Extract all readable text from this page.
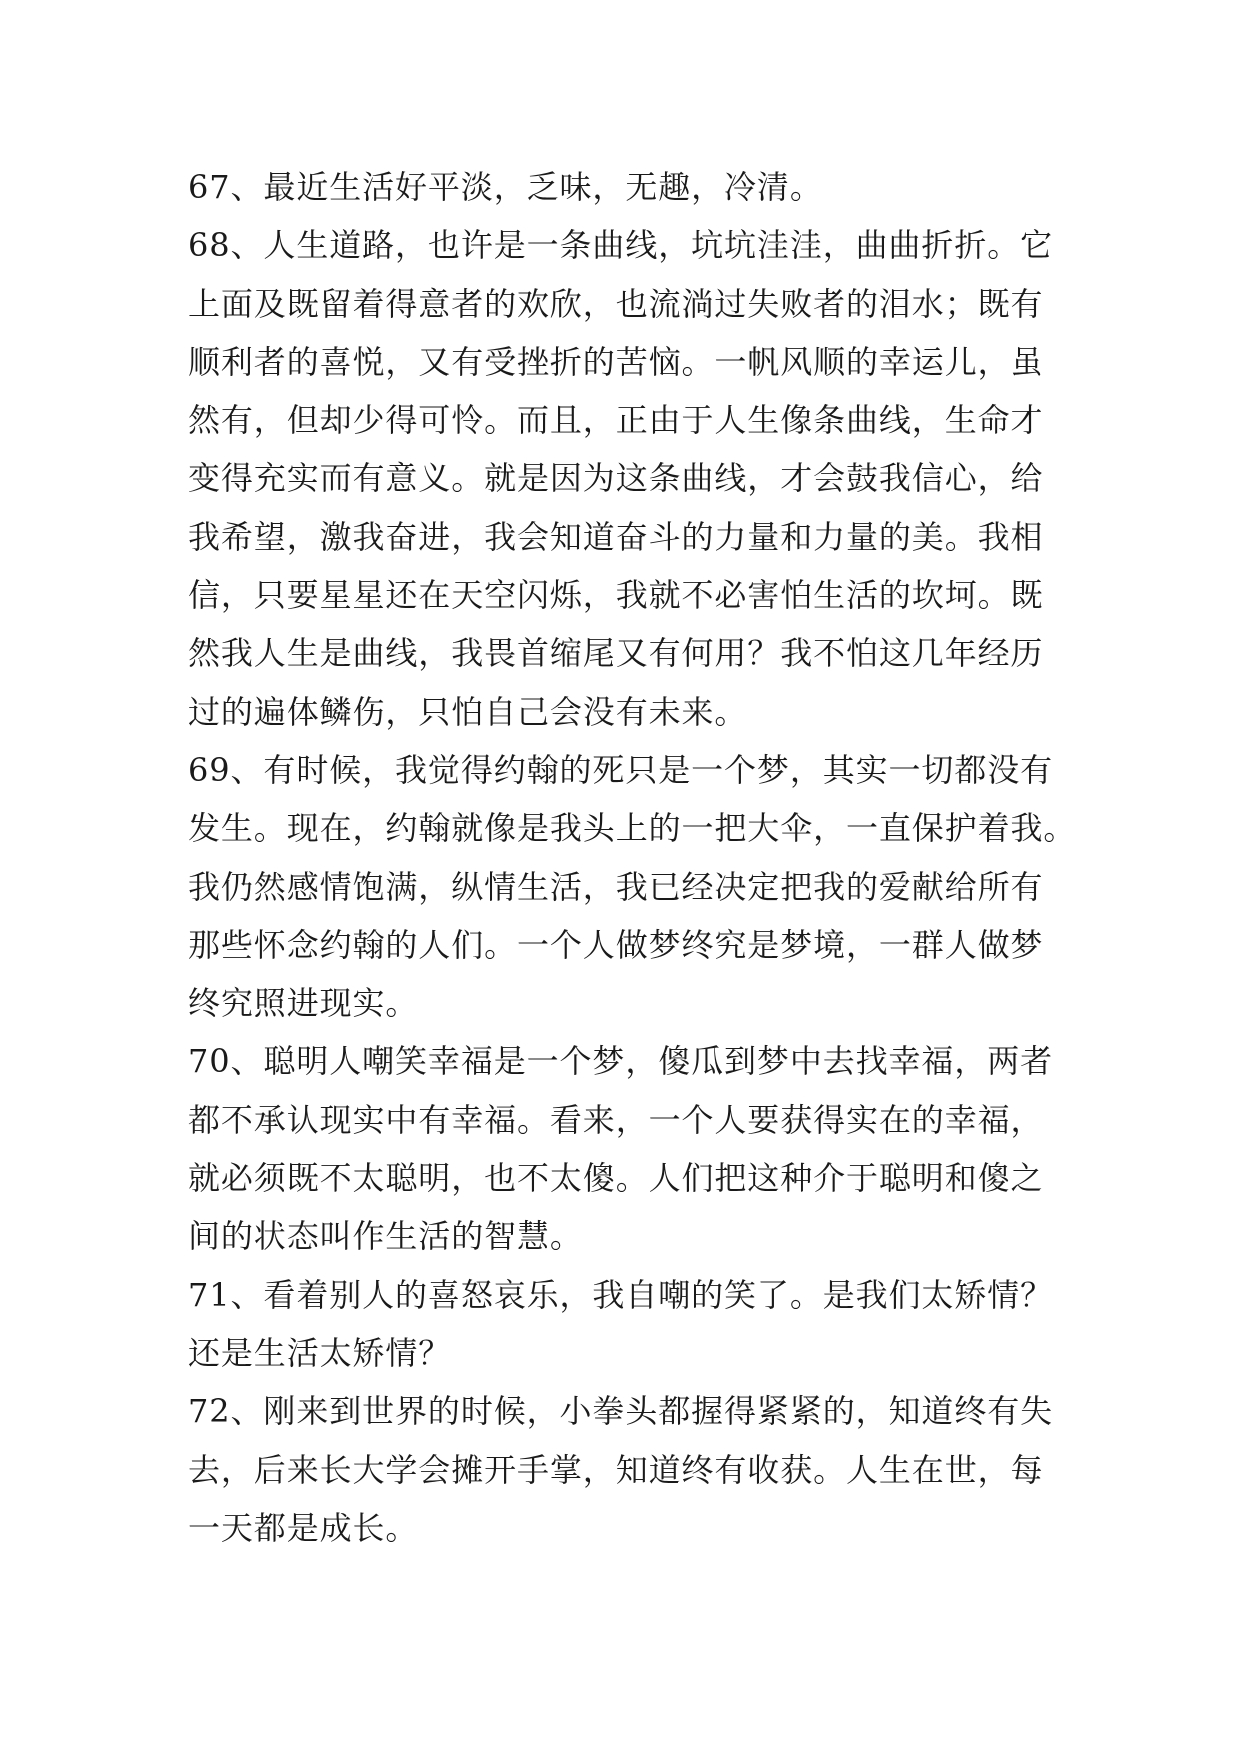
67、最近生活好平淡，乏味，无趣，冷清。
68、人生道路，也许是一条曲线，坑坑洼洼，曲曲折折。它
上面及既留着得意者的欢欣，也流淌过失败者的泪水；既有
顺利者的喜悦，又有受挫折的苦恼。一帆风顺的幸运儿，虽
然有，但却少得可怜。而且，正由于人生像条曲线，生命才
变得充实而有意义。就是因为这条曲线，才会鼓我信心，给
我希望，激我奋进，我会知道奋斗的力量和力量的美。我相
信，只要星星还在天空闪烁，我就不必害怕生活的坎坷。既
然我人生是曲线，我畏首缩尾又有何用？我不怕这几年经历
过的遍体鳞伤，只怕自己会没有未来。
69、有时候，我觉得约翰的死只是一个梦，其实一切都没有
发生。现在，约翰就像是我头上的一把大伞，一直保护着我。
我仍然感情饱满，纵情生活，我已经决定把我的爱献给所有
那些怀念约翰的人们。一个人做梦终究是梦境，一群人做梦
终究照进现实。
70、聪明人嘲笑幸福是一个梦，傻瓜到梦中去找幸福，两者
都不承认现实中有幸福。看来，一个人要获得实在的幸福，
就必须既不太聪明，也不太傻。人们把这种介于聪明和傻之
间的状态叫作生活的智慧。
71、看着别人的喜怒哀乐，我自嘲的笑了。是我们太矫情？
还是生活太矫情？
72、刚来到世界的时候，小拳头都握得紧紧的，知道终有失
去，后来长大学会摊开手掌，知道终有收获。人生在世，每
一天都是成长。
